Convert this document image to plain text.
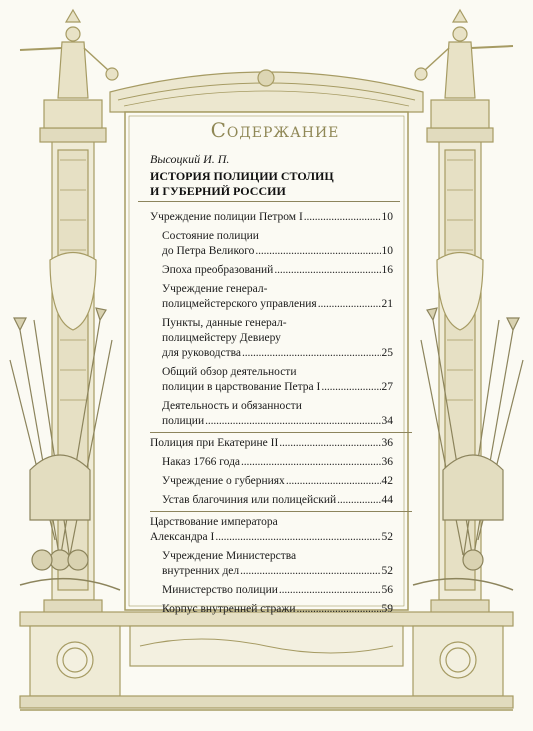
Содержание
Высоцкий И. П.
ИСТОРИЯ ПОЛИЦИИ СТОЛИЦ
И ГУБЕРНИЙ РОССИИ
Учреждение полиции Петром I . . .	10
Состояние полиции
до Петра Великого . . .	10
Эпоха преобразований . . .	16
Учреждение генерал-
полицмейстерского управления . . .	21
Пункты, данные генерал-
полицмейстеру Девиеру
для руководства . . .	25
Общий обзор деятельности
полиции в царствование Петра I . . .	27
Деятельность и обязанности
полиции . . .	34
Полиция при Екатерине II . . .	36
Наказ 1766 года . . .	36
Учреждение о губерниях . . .	42
Устав благочиния или полицейский . . .	44
Царствование императора
Александра I . . .	52
Учреждение Министерства
внутренних дел . . .	52
Министерство полиции . . .	56
Корпус внутренней стражи . . .	59
